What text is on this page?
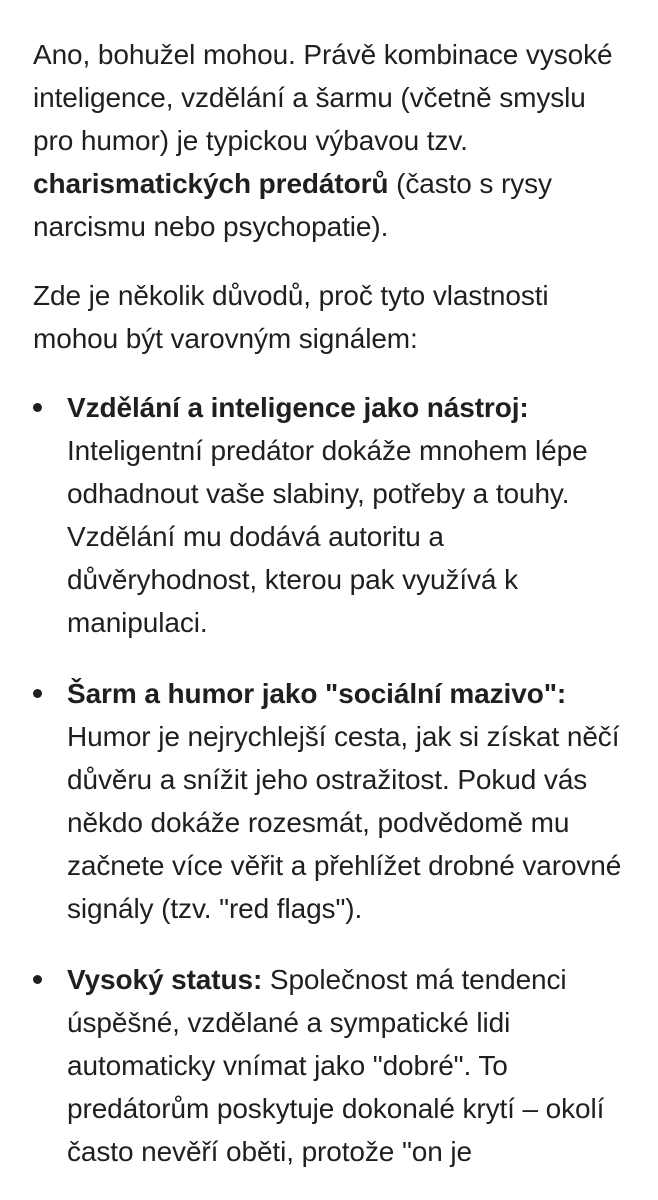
Ano, bohužel mohou. Právě kombinace vysoké inteligence, vzdělání a šarmu (včetně smyslu pro humor) je typickou výbavou tzv. charismatických predátorů (často s rysy narcismu nebo psychopatie).

Zde je několik důvodů, proč tyto vlastnosti mohou být varovným signálem:

Vzdělání a inteligence jako nástroj: Inteligentní predátor dokáže mnohem lépe odhadnout vaše slabiny, potřeby a touhy. Vzdělání mu dodává autoritu a důvěryhodnost, kterou pak využívá k manipulaci.
Šarm a humor jako "sociální mazivo": Humor je nejrychlejší cesta, jak si získat něčí důvěru a snížit jeho ostražitost. Pokud vás někdo dokáže rozesmát, podvědomě mu začnete více věřit a přehlížet drobné varovné signály (tzv. "red flags").
Vysoký status: Společnost má tendenci úspěšné, vzdělané a sympatické lidi automaticky vnímat jako "dobré". To predátorům poskytuje dokonalé krytí – okolí často nevěří oběti, protože "on je
